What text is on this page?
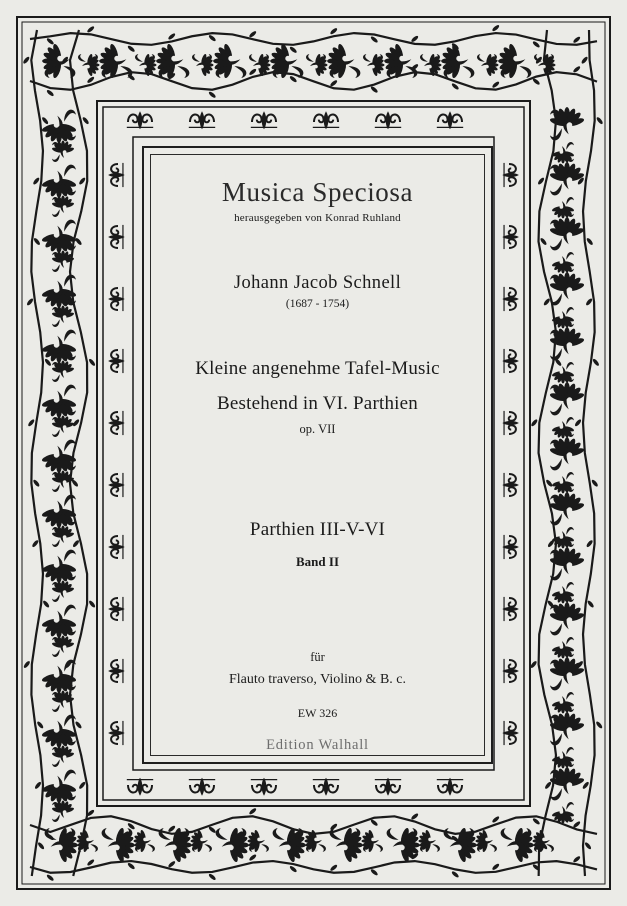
Musica Speciosa
herausgegeben von Konrad Ruhland
Johann Jacob Schnell
(1687 - 1754)
Kleine angenehme Tafel-Music
Bestehend in VI. Parthien
op. VII
Parthien III-V-VI
Band II
für
Flauto traverso, Violino & B. c.
EW 326
Edition Walhall
